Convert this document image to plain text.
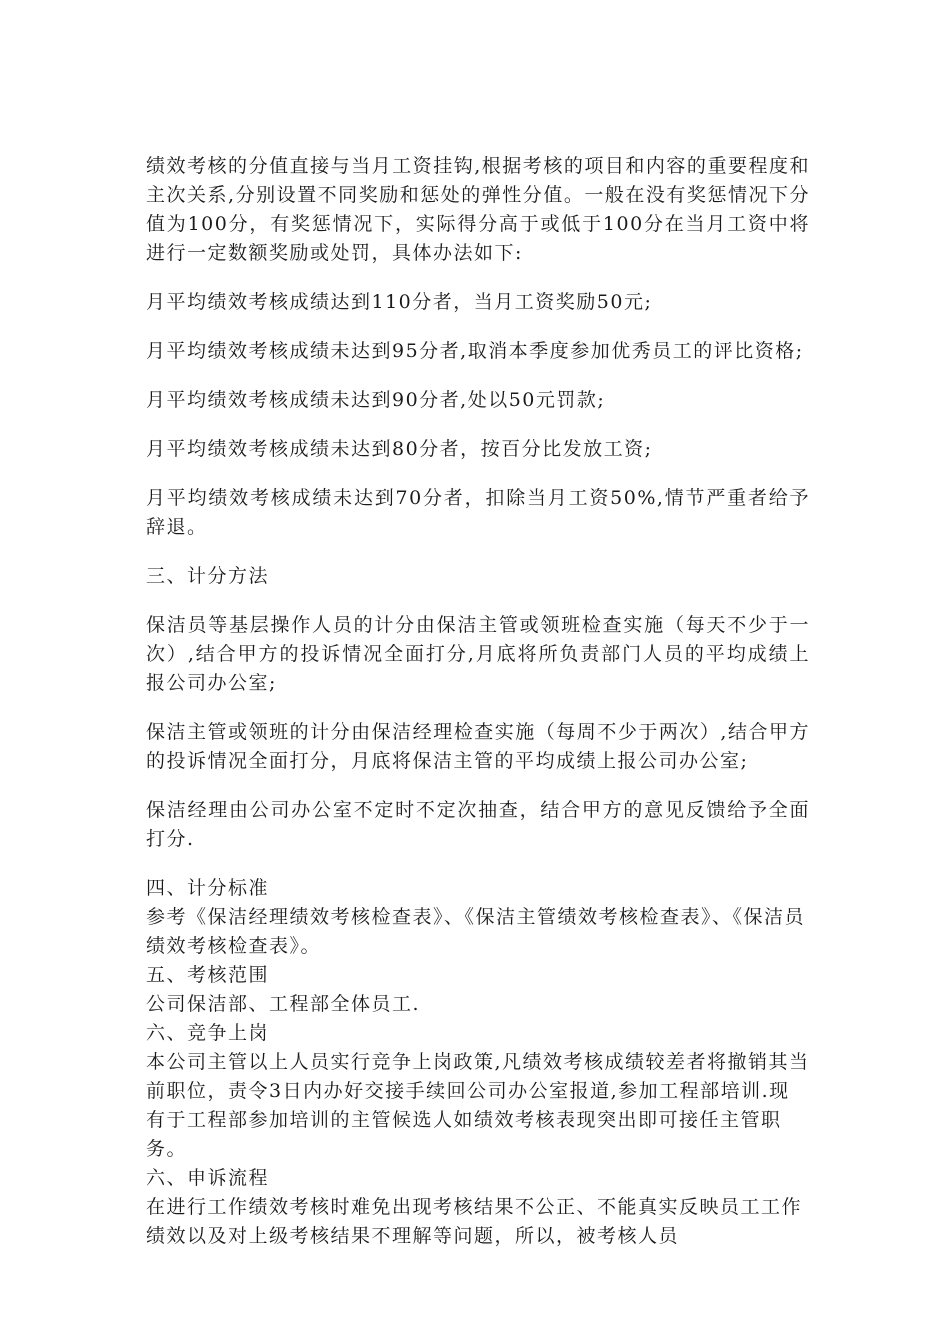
绩效考核的分值直接与当月工资挂钩,根据考核的项目和内容的重要程度和主次关系,分别设置不同奖励和惩处的弹性分值。一般在没有奖惩情况下分值为100分，有奖惩情况下，实际得分高于或低于100分在当月工资中将进行一定数额奖励或处罚，具体办法如下:

月平均绩效考核成绩达到110分者，当月工资奖励50元;

月平均绩效考核成绩未达到95分者,取消本季度参加优秀员工的评比资格;

月平均绩效考核成绩未达到90分者,处以50元罚款;

月平均绩效考核成绩未达到80分者，按百分比发放工资;

月平均绩效考核成绩未达到70分者，扣除当月工资50%,情节严重者给予辞退。

三、计分方法

保洁员等基层操作人员的计分由保洁主管或领班检查实施（每天不少于一次）,结合甲方的投诉情况全面打分,月底将所负责部门人员的平均成绩上报公司办公室;

保洁主管或领班的计分由保洁经理检查实施（每周不少于两次）,结合甲方的投诉情况全面打分，月底将保洁主管的平均成绩上报公司办公室;

保洁经理由公司办公室不定时不定次抽查，结合甲方的意见反馈给予全面打分.

四、计分标准

参考《保洁经理绩效考核检查表》、《保洁主管绩效考核检查表》、《保洁员绩效考核检查表》。

五、考核范围

公司保洁部、工程部全体员工.

六、竞争上岗

本公司主管以上人员实行竞争上岗政策,凡绩效考核成绩较差者将撤销其当前职位，责令3日内办好交接手续回公司办公室报道,参加工程部培训.现有于工程部参加培训的主管候选人如绩效考核表现突出即可接任主管职务。

六、申诉流程

在进行工作绩效考核时难免出现考核结果不公正、不能真实反映员工工作绩效以及对上级考核结果不理解等问题，所以，被考核人员
